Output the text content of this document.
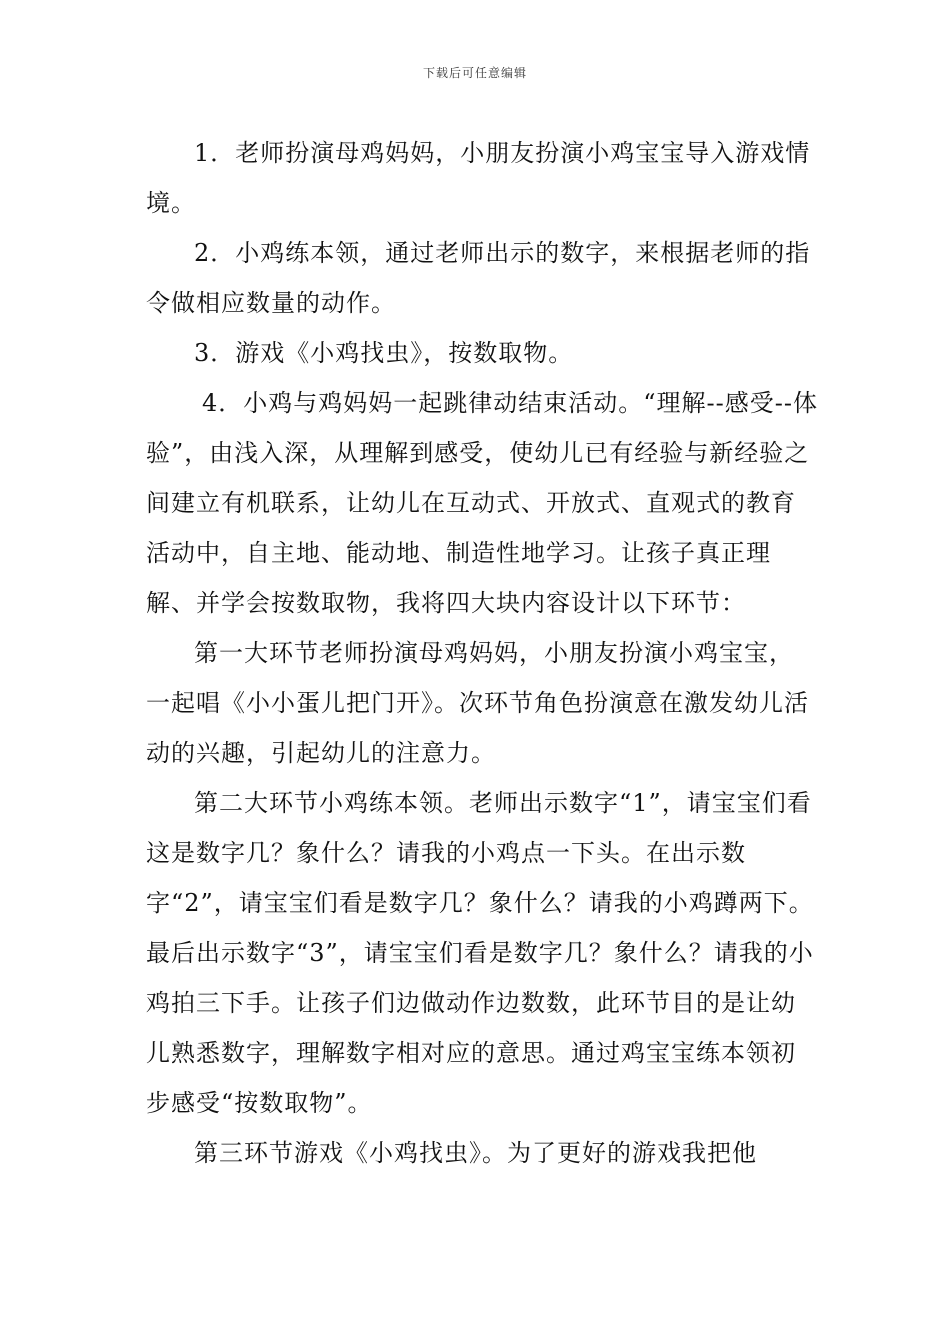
下载后可任意编辑

1．老师扮演母鸡妈妈，小朋友扮演小鸡宝宝导入游戏情境。

2．小鸡练本领，通过老师出示的数字，来根据老师的指令做相应数量的动作。

3．游戏《小鸡找虫》，按数取物。

4．小鸡与鸡妈妈一起跳律动结束活动。“理解--感受--体验”，由浅入深，从理解到感受，使幼儿已有经验与新经验之间建立有机联系，让幼儿在互动式、开放式、直观式的教育活动中，自主地、能动地、制造性地学习。让孩子真正理解、并学会按数取物，我将四大块内容设计以下环节：

第一大环节老师扮演母鸡妈妈，小朋友扮演小鸡宝宝，一起唱《小小蛋儿把门开》。次环节角色扮演意在激发幼儿活动的兴趣，引起幼儿的注意力。

第二大环节小鸡练本领。老师出示数字“1”，请宝宝们看这是数字几？象什么？请我的小鸡点一下头。在出示数字“2”，请宝宝们看是数字几？象什么？请我的小鸡蹲两下。最后出示数字“3”，请宝宝们看是数字几？象什么？请我的小鸡拍三下手。让孩子们边做动作边数数，此环节目的是让幼儿熟悉数字，理解数字相对应的意思。通过鸡宝宝练本领初步感受“按数取物”。

第三环节游戏《小鸡找虫》。为了更好的游戏我把他
